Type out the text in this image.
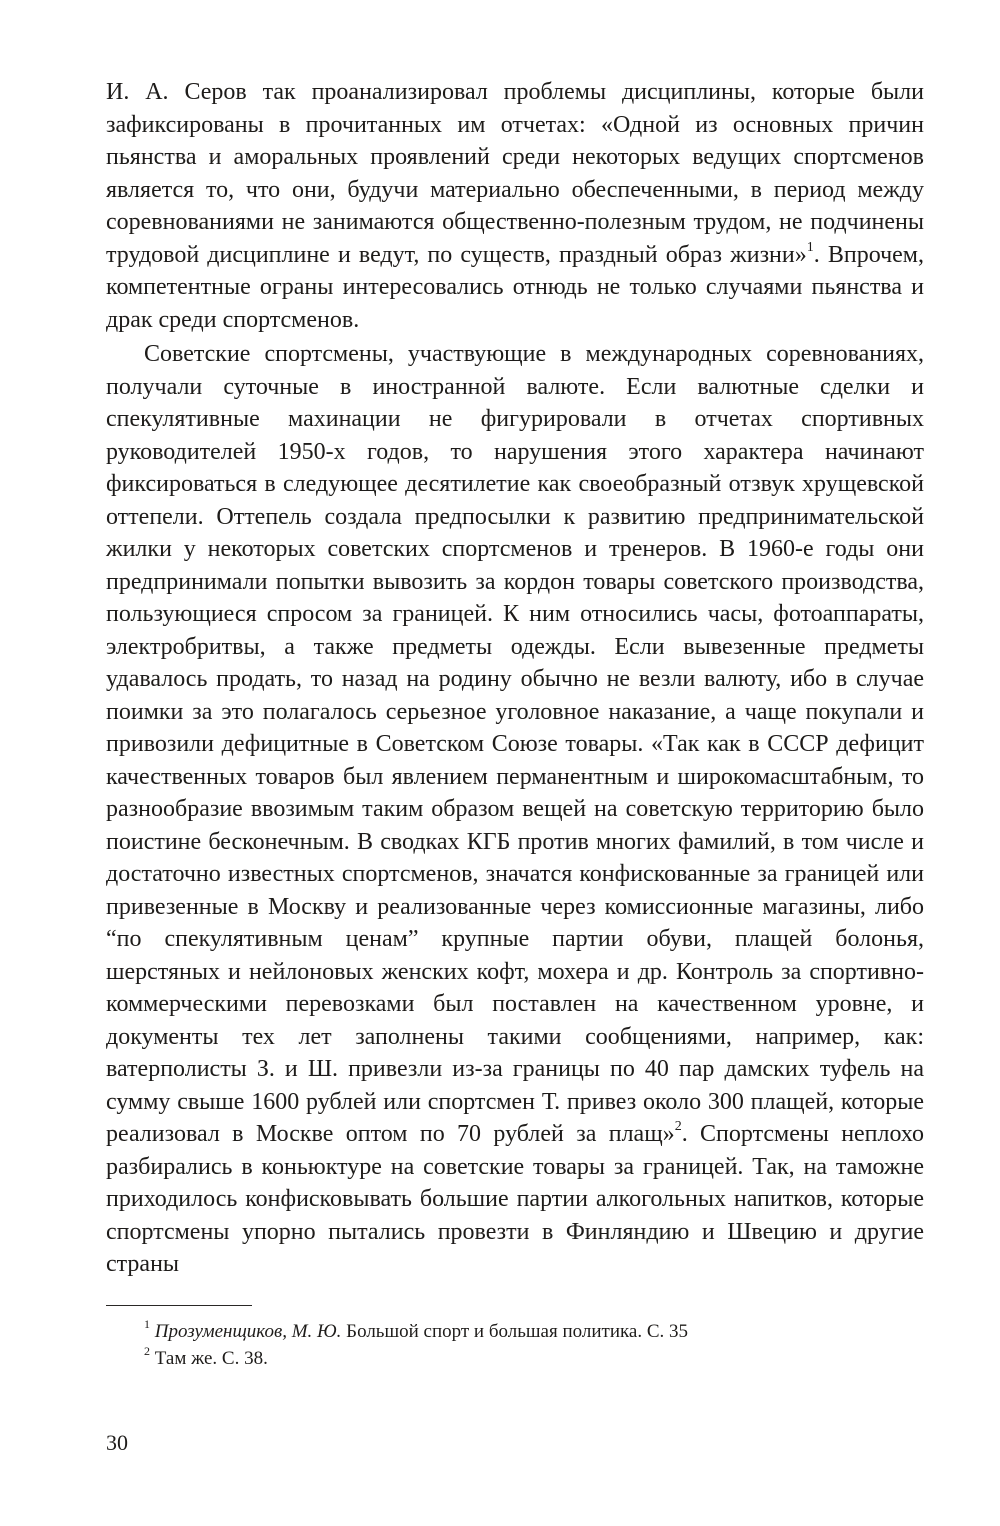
И. А. Серов так проанализировал проблемы дисциплины, которые были зафиксированы в прочитанных им отчетах: «Одной из основных причин пьянства и аморальных проявлений среди некоторых ведущих спортсменов является то, что они, будучи материально обеспеченными, в период между соревнованиями не занимаются общественно-полезным трудом, не подчинены трудовой дисциплине и ведут, по существ, праздный образ жизни»$^1$. Впрочем, компетентные ограны интересовались отнюдь не только случаями пьянства и драк среди спортсменов.

Советские спортсмены, участвующие в международных соревнованиях, получали суточные в иностранной валюте. Если валютные сделки и спекулятивные махинации не фигурировали в отчетах спортивных руководителей 1950-х годов, то нарушения этого характера начинают фиксироваться в следующее десятилетие как своеобразный отзвук хрущевской оттепели. Оттепель создала предпосылки к развитию предпринимательской жилки у некоторых советских спортсменов и тренеров. В 1960-е годы они предпринимали попытки вывозить за кордон товары советского производства, пользующиеся спросом за границей. К ним относились часы, фотоаппараты, электробритвы, а также предметы одежды. Если вывезенные предметы удавалось продать, то назад на родину обычно не везли валюту, ибо в случае поимки за это полагалось серьезное уголовное наказание, а чаще покупали и привозили дефицитные в Советском Союзе товары. «Так как в СССР дефицит качественных товаров был явлением перманентным и широкомасштабным, то разнообразие ввозимым таким образом вещей на советскую территорию было поистине бесконечным. В сводках КГБ против многих фамилий, в том числе и достаточно известных спортсменов, значатся конфискованные за границей или привезенные в Москву и реализованные через комиссионные магазины, либо “по спекулятивным ценам” крупные партии обуви, плащей болонья, шерстяных и нейлоновых женских кофт, мохера и др. Контроль за спортивно-коммерческими перевозками был поставлен на качественном уровне, и документы тех лет заполнены такими сообщениями, например, как: ватерполисты З. и Ш. привезли из-за границы по 40 пар дамских туфель на сумму свыше 1600 рублей или спортсмен Т. привез около 300 плащей, которые реализовал в Москве оптом по 70 рублей за плащ»$^2$. Спортсмены неплохо разбирались в коньюктуре на советские товары за границей. Так, на таможне приходилось конфисковывать большие партии алкогольных напитков, которые спортсмены упорно пытались провезти в Финляндию и Швецию и другие страны

$^1$ Прозуменщиков, М. Ю. Большой спорт и большая политика. С. 35

$^2$ Там же. С. 38.

30
